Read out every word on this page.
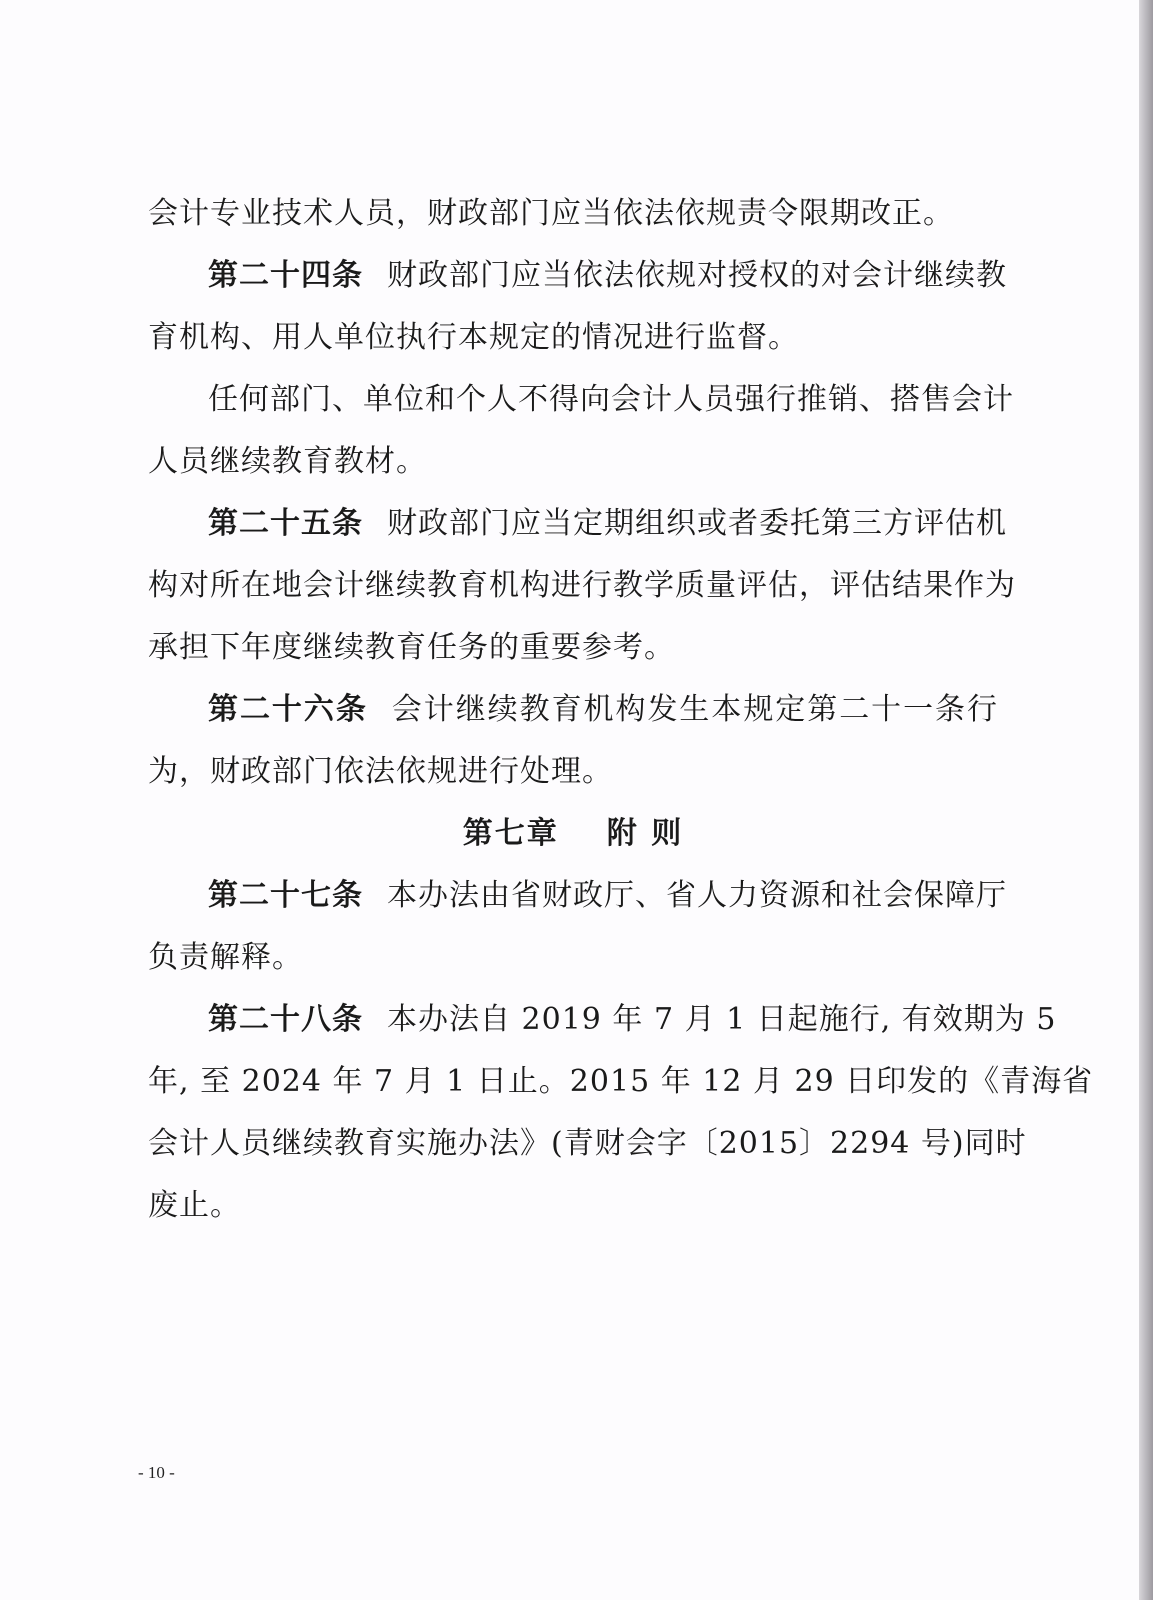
会计专业技术人员，财政部门应当依法依规责令限期改正。
第二十四条 财政部门应当依法依规对授权的对会计继续教
育机构、用人单位执行本规定的情况进行监督。
任何部门、单位和个人不得向会计人员强行推销、搭售会计
人员继续教育教材。
第二十五条 财政部门应当定期组织或者委托第三方评估机
构对所在地会计继续教育机构进行教学质量评估，评估结果作为
承担下年度继续教育任务的重要参考。
第二十六条 会计继续教育机构发生本规定第二十一条行
为，财政部门依法依规进行处理。
第七章 附 则
第二十七条 本办法由省财政厅、省人力资源和社会保障厅
负责解释。
第二十八条 本办法自 2019 年 7 月 1 日起施行, 有效期为 5
年, 至 2024 年 7 月 1 日止。2015 年 12 月 29 日印发的《青海省
会计人员继续教育实施办法》(青财会字〔2015〕2294 号)同时
废止。
- 10 -
